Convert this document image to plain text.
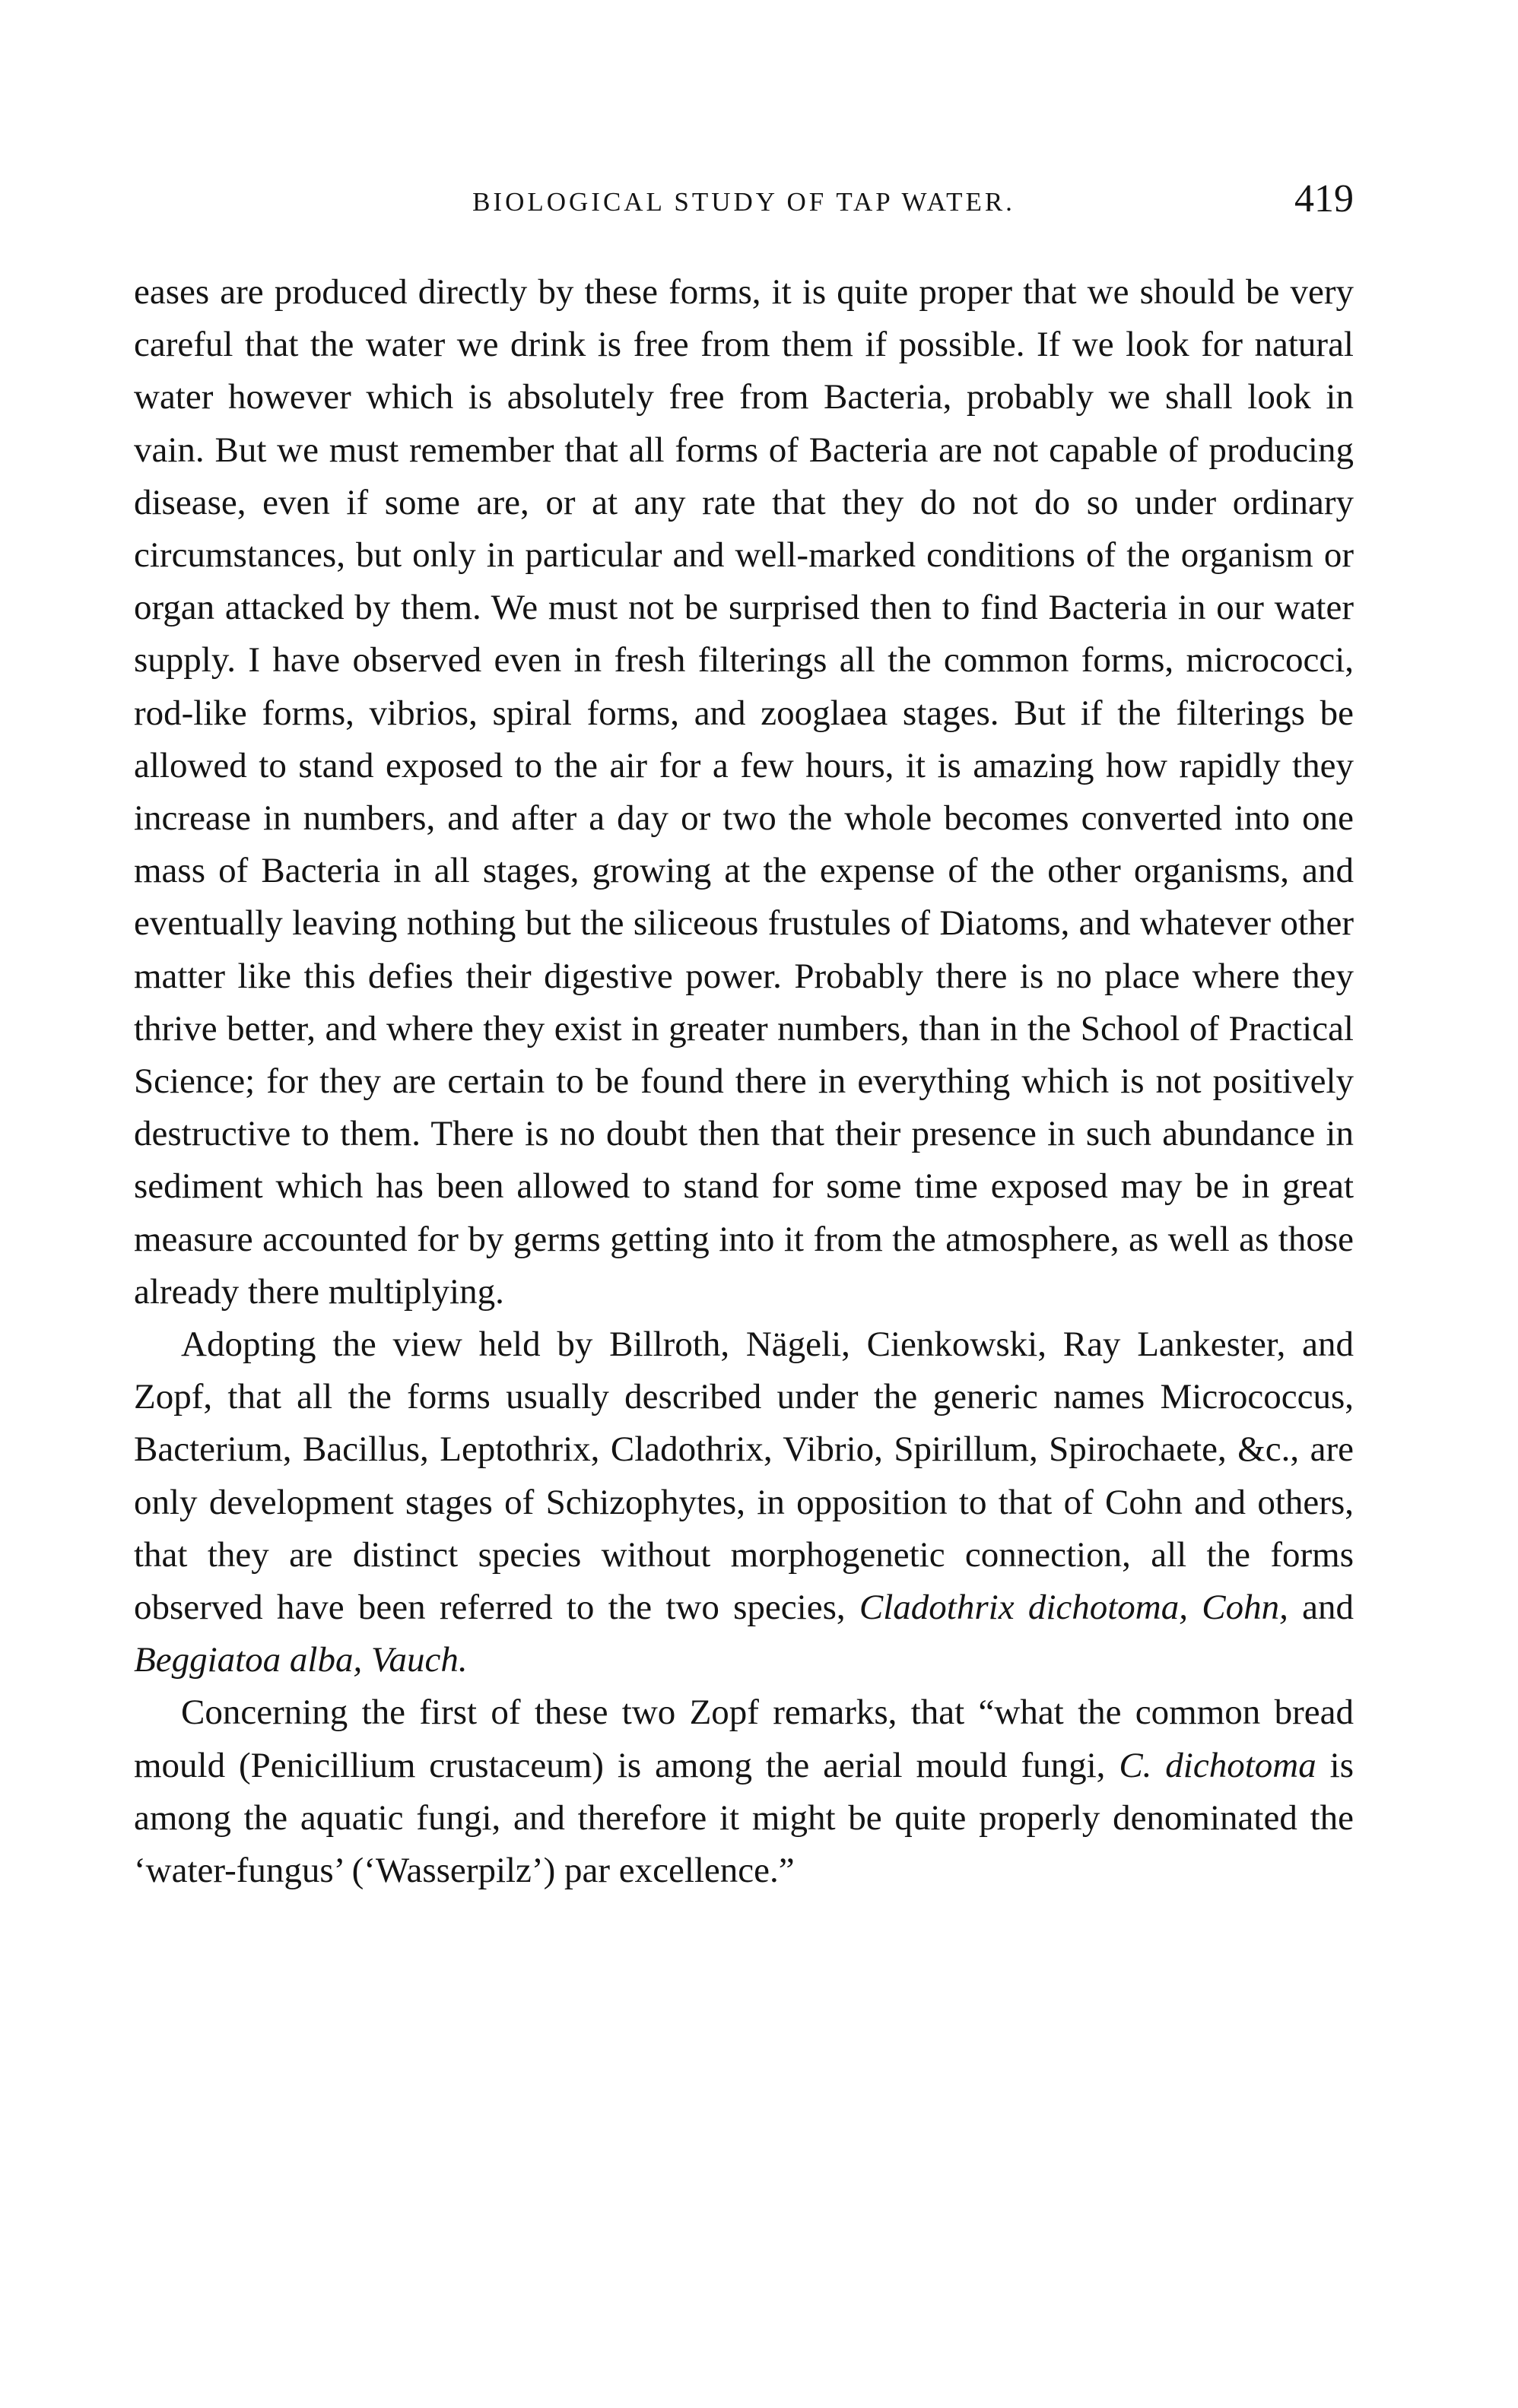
BIOLOGICAL STUDY OF TAP WATER.	419

eases are produced directly by these forms, it is quite proper that we should be very careful that the water we drink is free from them if possible. If we look for natural water however which is absolutely free from Bacteria, probably we shall look in vain. But we must remember that all forms of Bacteria are not capable of producing disease, even if some are, or at any rate that they do not do so under ordinary circumstances, but only in particular and well-marked conditions of the organism or organ attacked by them. We must not be surprised then to find Bacteria in our water supply. I have observed even in fresh filterings all the common forms, micrococci, rod-like forms, vibrios, spiral forms, and zooglaea stages. But if the filterings be allowed to stand exposed to the air for a few hours, it is amazing how rapidly they increase in numbers, and after a day or two the whole becomes converted into one mass of Bacteria in all stages, growing at the expense of the other organisms, and eventually leaving nothing but the siliceous frustules of Diatoms, and whatever other matter like this defies their digestive power. Probably there is no place where they thrive better, and where they exist in greater numbers, than in the School of Practical Science; for they are certain to be found there in everything which is not positively destructive to them. There is no doubt then that their presence in such abundance in sediment which has been allowed to stand for some time exposed may be in great measure accounted for by germs getting into it from the atmosphere, as well as those already there multiplying.

Adopting the view held by Billroth, Nägeli, Cienkowski, Ray Lankester, and Zopf, that all the forms usually described under the generic names Micrococcus, Bacterium, Bacillus, Leptothrix, Cladothrix, Vibrio, Spirillum, Spirochaete, &c., are only development stages of Schizophytes, in opposition to that of Cohn and others, that they are distinct species without morphogenetic connection, all the forms observed have been referred to the two species, Cladothrix dichotoma, Cohn, and Beggiatoa alba, Vauch.

Concerning the first of these two Zopf remarks, that “what the common bread mould (Penicillium crustaceum) is among the aerial mould fungi, C. dichotoma is among the aquatic fungi, and therefore it might be quite properly denominated the ‘water-fungus’ (‘Wasserpilz’) par excellence.”
